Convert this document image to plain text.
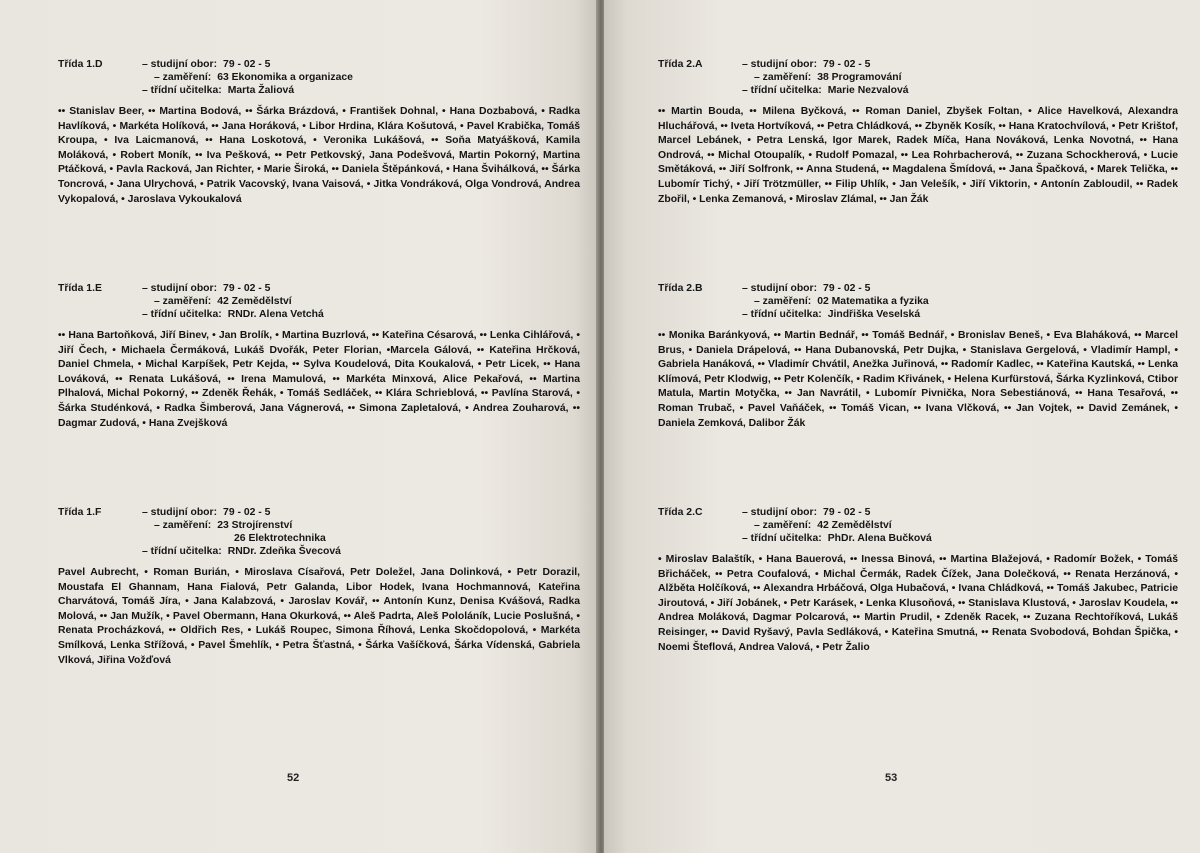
Třída 1.D	– studijní obor: 79 - 02 - 5
– zaměření: 63 Ekonomika a organizace
– třídní učitelka: Marta Žaliová
•• Stanislav Beer, •• Martina Bodová, •• Šárka Brázdová, • František Dohnal, • Hana Dozbabová, • Radka Havlíková, • Markéta Holíková, •• Jana Horáková, • Libor Hrdina, Klára Košutová, • Pavel Krabička, Tomáš Kroupa, • Iva Laicmanová, •• Hana Loskotová, • Veronika Lukášová, •• Soňa Matyášková, Kamila Moláková, • Robert Moník, •• Iva Pešková, •• Petr Petkovský, Jana Podešvová, Martin Pokorný, Martina Ptáčková, • Pavla Racková, Jan Richter, • Marie Široká, •• Daniela Štěpánková, • Hana Švihálková, •• Šárka Toncrová, • Jana Ulrychová, • Patrik Vacovský, Ivana Vaisová, • Jitka Vondráková, Olga Vondrová, Andrea Vykopalová, • Jaroslava Vykoukalová
Třída 1.E	– studijní obor: 79 - 02 - 5
– zaměření: 42 Zemědělství
– třídní učitelka: RNDr. Alena Vetchá
•• Hana Bartoňková, Jiří Binev, • Jan Brolík, • Martina Buzrlová, •• Kateřina Césarová, •• Lenka Cihlářová, • Jiří Čech, • Michaela Čermáková, Lukáš Dvořák, Peter Florian, •Marcela Gálová, •• Kateřina Hrčková, Daniel Chmela, • Michal Karpíšek, Petr Kejda, •• Sylva Koudelová, Dita Koukalová, • Petr Licek, •• Hana Lováková, •• Renata Lukášová, •• Irena Mamulová, •• Markéta Minxová, Alice Pekařová, •• Martina Plhalová, Michal Pokorný, •• Zdeněk Řehák, • Tomáš Sedláček, •• Klára Schrieblová, •• Pavlína Starová, • Šárka Studénková, • Radka Šimberová, Jana Vágnerová, •• Simona Zapletalová, • Andrea Zouharová, •• Dagmar Zudová, • Hana Zvejšková
Třída 1.F	– studijní obor: 79 - 02 - 5
– zaměření: 23 Strojírenství
26 Elektrotechnika
– třídní učitelka: RNDr. Zdeňka Švecová
Pavel Aubrecht, • Roman Burián, • Miroslava Císařová, Petr Doležel, Jana Dolinková, • Petr Dorazil, Moustafa El Ghannam, Hana Fialová, Petr Galanda, Libor Hodek, Ivana Hochmannová, Kateřina Charvátová, Tomáš Jíra, • Jana Kalabzová, • Jaroslav Kovář, •• Antonín Kunz, Denisa Kvášová, Radka Molová, •• Jan Mužík, • Pavel Obermann, Hana Okurková, •• Aleš Padrta, Aleš Pololáník, Lucie Poslušná, • Renata Procházková, •• Oldřich Res, • Lukáš Roupec, Simona Říhová, Lenka Skočdopolová, • Markéta Smílková, Lenka Střížová, • Pavel Šmehlík, • Petra Šťastná, • Šárka Vašíčková, Šárka Vídenská, Gabriela Vlková, Jiřina Vožďová
52
Třída 2.A	– studijní obor: 79 - 02 - 5
– zaměření: 38 Programování
– třídní učitelka: Marie Nezvalová
•• Martin Bouda, •• Milena Byčková, •• Roman Daniel, Zbyšek Foltan, • Alice Havelková, Alexandra Hluchářová, •• Iveta Hortvíková, •• Petra Chládková, •• Zbyněk Kosík, •• Hana Kratochvílová, • Petr Krištof, Marcel Lebánek, • Petra Lenská, Igor Marek, Radek Míča, Hana Nováková, Lenka Novotná, •• Hana Ondrová, •• Michal Otoupalík, • Rudolf Pomazal, •• Lea Rohrbacherová, •• Zuzana Schockherová, • Lucie Smětáková, •• Jiří Solfronk, •• Anna Studená, •• Magdalena Šmídová, •• Jana Špačková, • Marek Telička, •• Lubomír Tichý, • Jiří Trötzmüller, •• Filip Uhlík, • Jan Velešík, • Jiří Viktorin, • Antonín Zabloudil, •• Radek Zbořil, • Lenka Zemanová, • Miroslav Zlámal, •• Jan Žák
Třída 2.B	– studijní obor: 79 - 02 - 5
– zaměření: 02 Matematika a fyzika
– třídní učitelka: Jindřiška Veselská
•• Monika Baránkyová, •• Martin Bednář, •• Tomáš Bednář, • Bronislav Beneš, • Eva Blaháková, •• Marcel Brus, • Daniela Drápelová, •• Hana Dubanovská, Petr Dujka, • Stanislava Gergelová, • Vladimír Hampl, • Gabriela Hanáková, •• Vladimír Chvátil, Anežka Juřinová, •• Radomír Kadlec, •• Kateřina Kautská, •• Lenka Klímová, Petr Klodwig, •• Petr Kolenčík, • Radim Křivánek, • Helena Kurfürstová, Šárka Kyzlinková, Ctibor Matula, Martin Motyčka, •• Jan Navrátil, • Lubomír Pivnička, Nora Sebestiánová, •• Hana Tesařová, •• Roman Trubač, • Pavel Vaňáček, •• Tomáš Vican, •• Ivana Vlčková, •• Jan Vojtek, •• David Zemánek, • Daniela Zemková, Dalibor Žák
Třída 2.C	– studijní obor: 79 - 02 - 5
– zaměření: 42 Zemědělství
– třídní učitelka: PhDr. Alena Bučková
• Miroslav Balaštík, • Hana Bauerová, •• Inessa Binová, •• Martina Blažejová, • Radomír Božek, • Tomáš Břicháček, •• Petra Coufalová, • Michal Čermák, Radek Čížek, Jana Dolečková, •• Renata Herzánová, • Alžběta Holčíková, •• Alexandra Hrbáčová, Olga Hubačová, • Ivana Chládková, •• Tomáš Jakubec, Patricie Jiroutová, • Jiří Jobánek, • Petr Karásek, • Lenka Klusoňová, •• Stanislava Klustová, • Jaroslav Koudela, •• Andrea Moláková, Dagmar Polcarová, •• Martin Prudil, • Zdeněk Racek, •• Zuzana Rechtoříková, Lukáš Reisinger, •• David Ryšavý, Pavla Sedláková, • Kateřina Smutná, •• Renata Svobodová, Bohdan Špička, • Noemi Šteflová, Andrea Valová, • Petr Žalio
53
